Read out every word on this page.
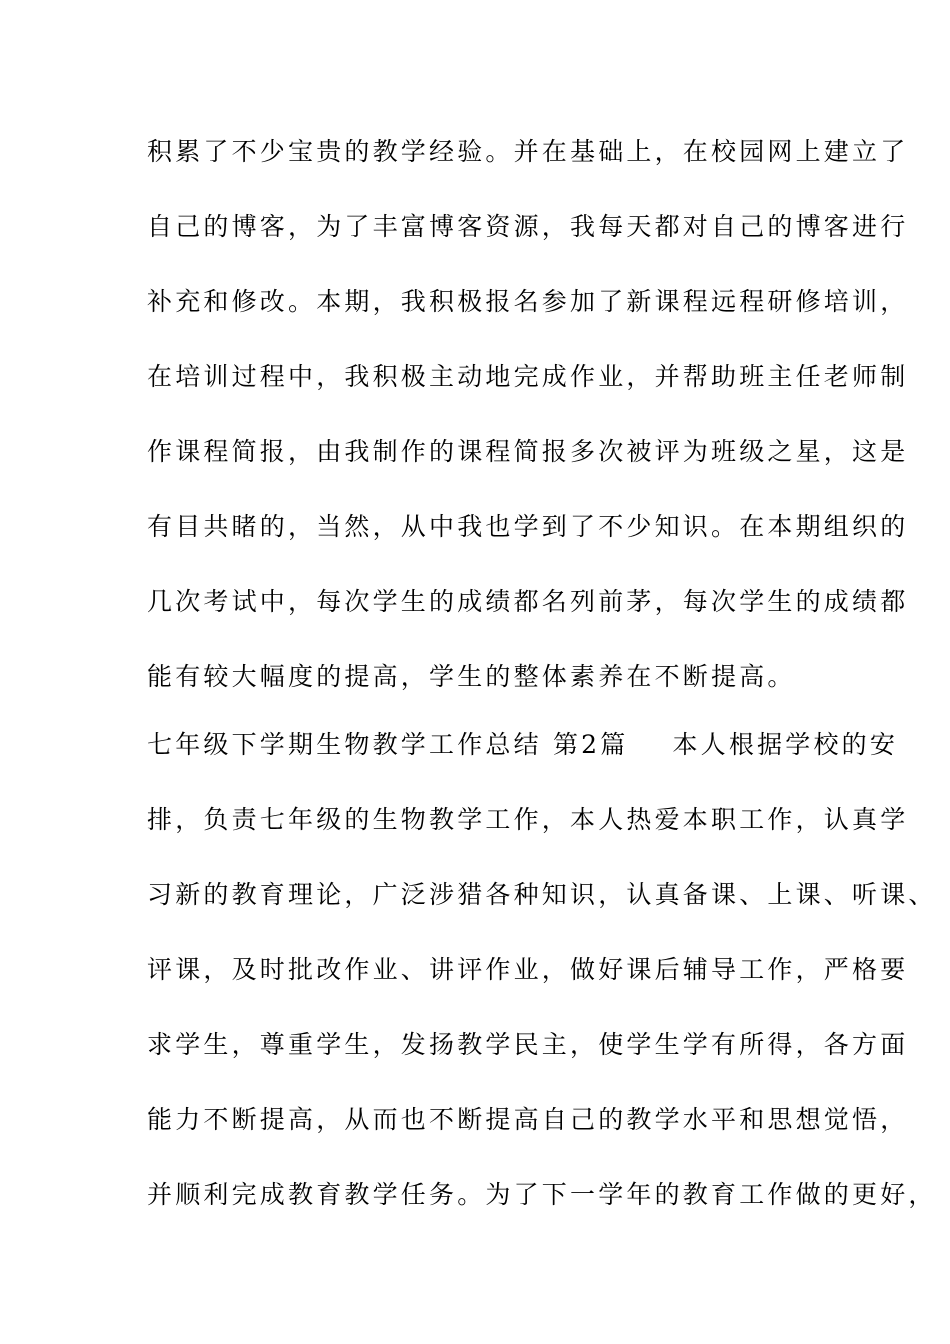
积累了不少宝贵的教学经验。并在基础上，在校园网上建立了
自己的博客，为了丰富博客资源，我每天都对自己的博客进行
补充和修改。本期，我积极报名参加了新课程远程研修培训，
在培训过程中，我积极主动地完成作业，并帮助班主任老师制
作课程简报，由我制作的课程简报多次被评为班级之星，这是
有目共睹的，当然，从中我也学到了不少知识。在本期组织的
几次考试中，每次学生的成绩都名列前茅，每次学生的成绩都
能有较大幅度的提高，学生的整体素养在不断提高。
七年级下学期生物教学工作总结 第2篇 本人根据学校的安
排，负责七年级的生物教学工作，本人热爱本职工作，认真学
习新的教育理论，广泛涉猎各种知识，认真备课、上课、听课、
评课，及时批改作业、讲评作业，做好课后辅导工作，严格要
求学生，尊重学生，发扬教学民主，使学生学有所得，各方面
能力不断提高，从而也不断提高自己的教学水平和思想觉悟，
并顺利完成教育教学任务。为了下一学年的教育工作做的更好，
